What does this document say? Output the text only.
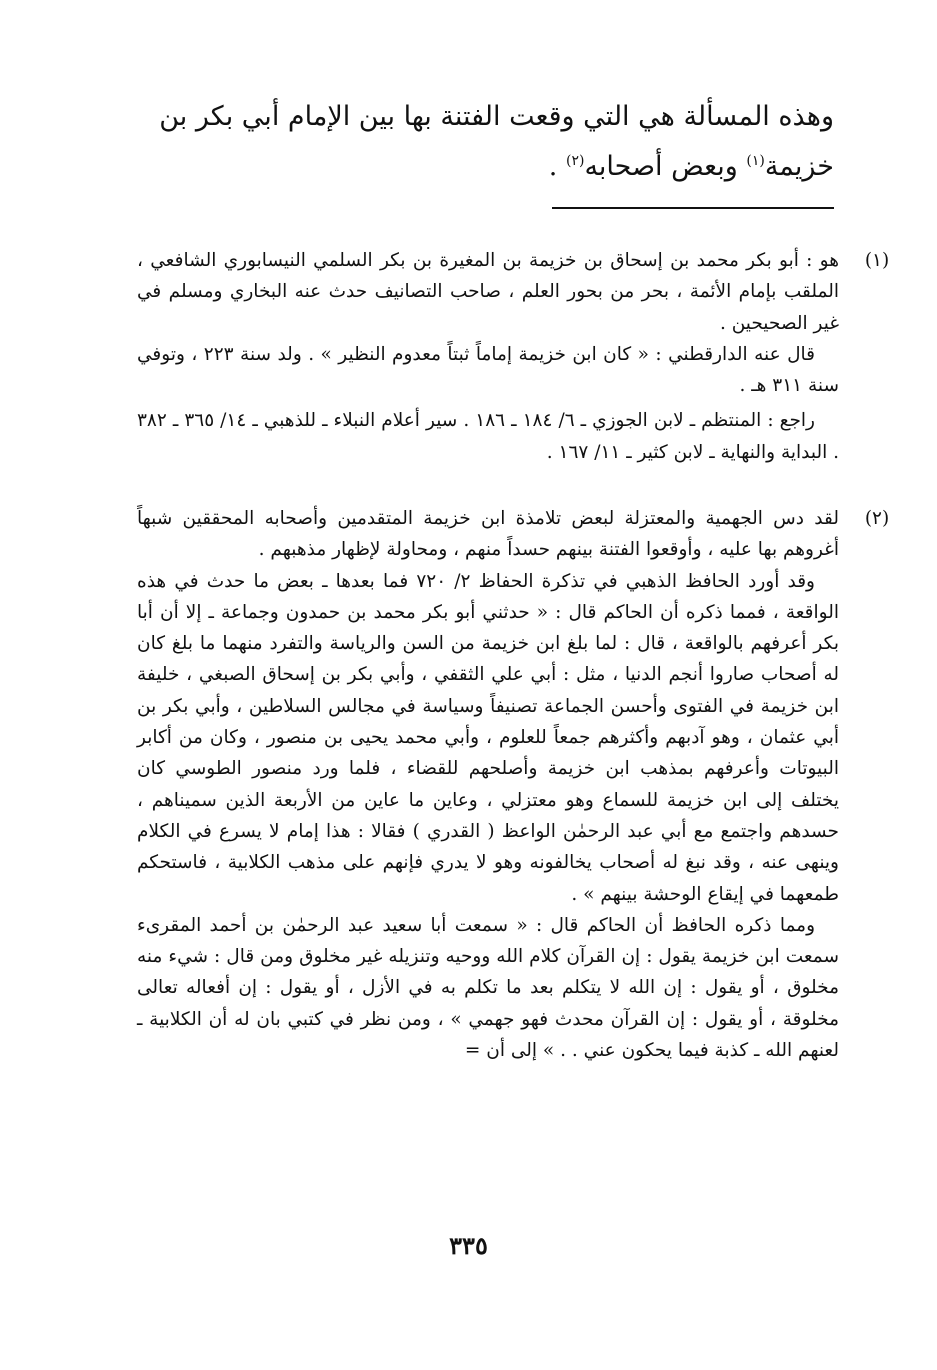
وهذه المسألة هي التي وقعت الفتنة بها بين الإمام أبي بكر بن
خزيمة$^{(١)}$ وبعض أصحابه$^{(٢)}$ .
(١)

هو : أبو بكر محمد بن إسحاق بن خزيمة بن المغيرة بن بكر السلمي النيسابوري الشافعي ، الملقب بإمام الأئمة ، بحر من بحور العلم ، صاحب التصانيف حدث عنه البخاري ومسلم في غير الصحيحين .

قال عنه الدارقطني : « كان ابن خزيمة إماماً ثبتاً معدوم النظير » . ولد سنة ٢٢٣ ، وتوفي سنة ٣١١ هـ .

راجع : المنتظم ـ لابن الجوزي ـ ٦/ ١٨٤ ـ ١٨٦ . سير أعلام النبلاء ـ للذهبي ـ ١٤/ ٣٦٥ ـ ٣٨٢ . البداية والنهاية ـ لابن كثير ـ ١١/ ١٦٧ .

(٢)

لقد دس الجهمية والمعتزلة لبعض تلامذة ابن خزيمة المتقدمين وأصحابه المحققين شبهاً أغروهم بها عليه ، وأوقعوا الفتنة بينهم حسداً منهم ، ومحاولة لإظهار مذهبهم .

وقد أورد الحافظ الذهبي في تذكرة الحفاظ ٢/ ٧٢٠ فما بعدها ـ بعض ما حدث في هذه الواقعة ، فمما ذكره أن الحاكم قال : « حدثني أبو بكر محمد بن حمدون وجماعة ـ إلا أن أبا بكر أعرفهم بالواقعة ، قال : لما بلغ ابن خزيمة من السن والرياسة والتفرد منهما ما بلغ كان له أصحاب صاروا أنجم الدنيا ، مثل : أبي علي الثقفي ، وأبي بكر بن إسحاق الصبغي ، خليفة ابن خزيمة في الفتوى وأحسن الجماعة تصنيفاً وسياسة في مجالس السلاطين ، وأبي بكر بن أبي عثمان ، وهو آدبهم وأكثرهم جمعاً للعلوم ، وأبي محمد يحيى بن منصور ، وكان من أكابر البيوتات وأعرفهم بمذهب ابن خزيمة وأصلحهم للقضاء ، فلما ورد منصور الطوسي كان يختلف إلى ابن خزيمة للسماع وهو معتزلي ، وعاين ما عاين من الأربعة الذين سميناهم ، حسدهم واجتمع مع أبي عبد الرحمٰن الواعظ ( القدري ) فقالا : هذا إمام لا يسرع في الكلام وينهى عنه ، وقد نبغ له أصحاب يخالفونه وهو لا يدري فإنهم على مذهب الكلابية ، فاستحكم طمعهما في إيقاع الوحشة بينهم » .

ومما ذكره الحافظ أن الحاكم قال : « سمعت أبا سعيد عبد الرحمٰن بن أحمد المقرىء سمعت ابن خزيمة يقول : إن القرآن كلام الله ووحيه وتنزيله غير مخلوق ومن قال : شيء منه مخلوق ، أو يقول : إن الله لا يتكلم بعد ما تكلم به في الأزل ، أو يقول : إن أفعاله تعالى مخلوقة ، أو يقول : إن القرآن محدث فهو جهمي » ، ومن نظر في كتبي بان له أن الكلابية ـ لعنهم الله ـ كذبة فيما يحكون عني . . » إلى أن =

٣٣٥
